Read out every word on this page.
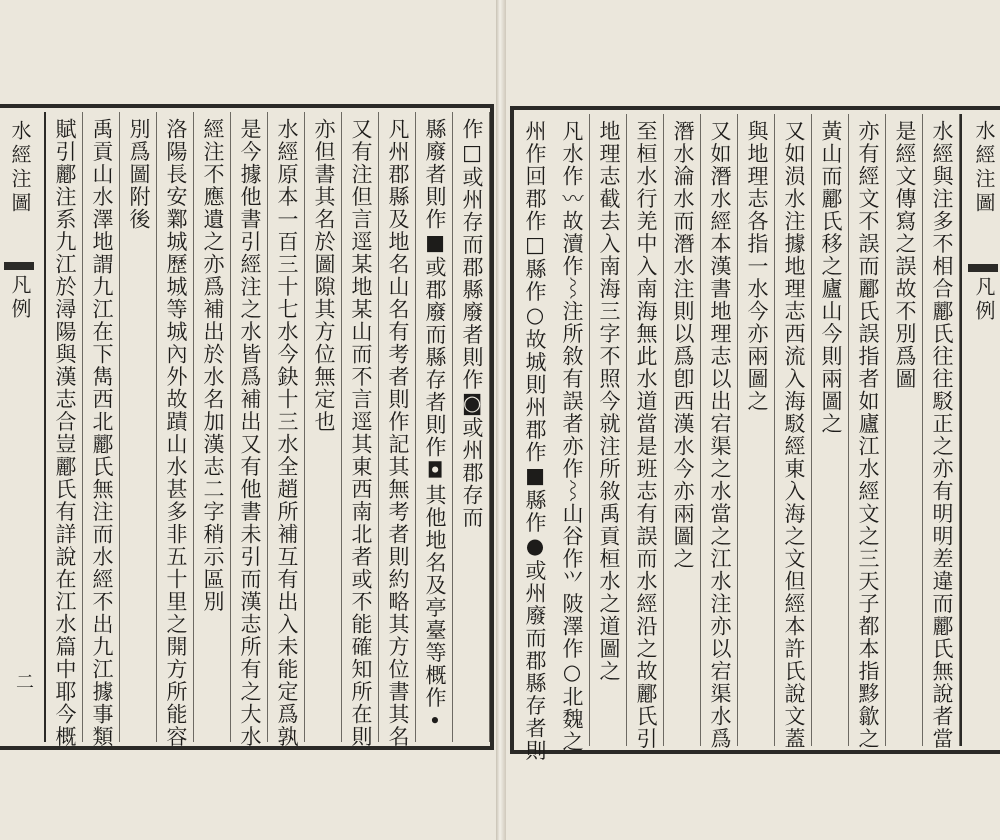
作□或州存而郡縣廢者則作◙或州郡存而
縣廢者則作■或郡廢而縣存者則作◘其他地名及亭臺等概作•
凡州郡縣及地名山名有考者則作記其無考者則約略其方位書其名
又有注但言逕某地某山而不言逕其東西南北者或不能確知所在則
亦但書其名於圖隙其方位無定也
水經原本一百三十七水今鈌十三水全趙所補互有出入未能定爲孰
是今據他書引經注之水皆爲補出又有他書未引而漢志所有之大水
經注不應遺之亦爲補出於水名加漢志二字稍示區別
洛陽長安鄴城歷城等城內外故蹟山水甚多非五十里之開方所能容
別爲圖附後
禹貢山水澤地謂九江在下雋西北酈氏無注而水經不出九江據事類
賦引酈注系九江於潯陽與漢志合豈酈氏有詳說在江水篇中耶今概
水經注圖
凡例
二
水經注圖
凡例
水經與注多不相合酈氏往往駁正之亦有明明差違而酈氏無說者當
是經文傳寫之誤故不別爲圖
亦有經文不誤而酈氏誤指者如廬江水經文之三天子都本指黟歙之
黃山而酈氏移之廬山今則兩圖之
又如涢水注據地理志西流入海駁經東入海之文但經本許氏說文蓋
與地理志各指一水今亦兩圖之
又如潛水經本漢書地理志以出宕渠之水當之江水注亦以宕渠水爲
潛水淪水而潛水注則以爲卽西漢水今亦兩圖之
至桓水行羌中入南海無此水道當是班志有誤而水經沿之故酈氏引
地理志截去入南海三字不照今就注所敘禹貢桓水之道圖之
凡水作〰故瀆作⌇注所敘有誤者亦作⌇山谷作⺍陂澤作○北魏之
州作回郡作□縣作○故城則州郡作■縣作●或州廢而郡縣存者則
